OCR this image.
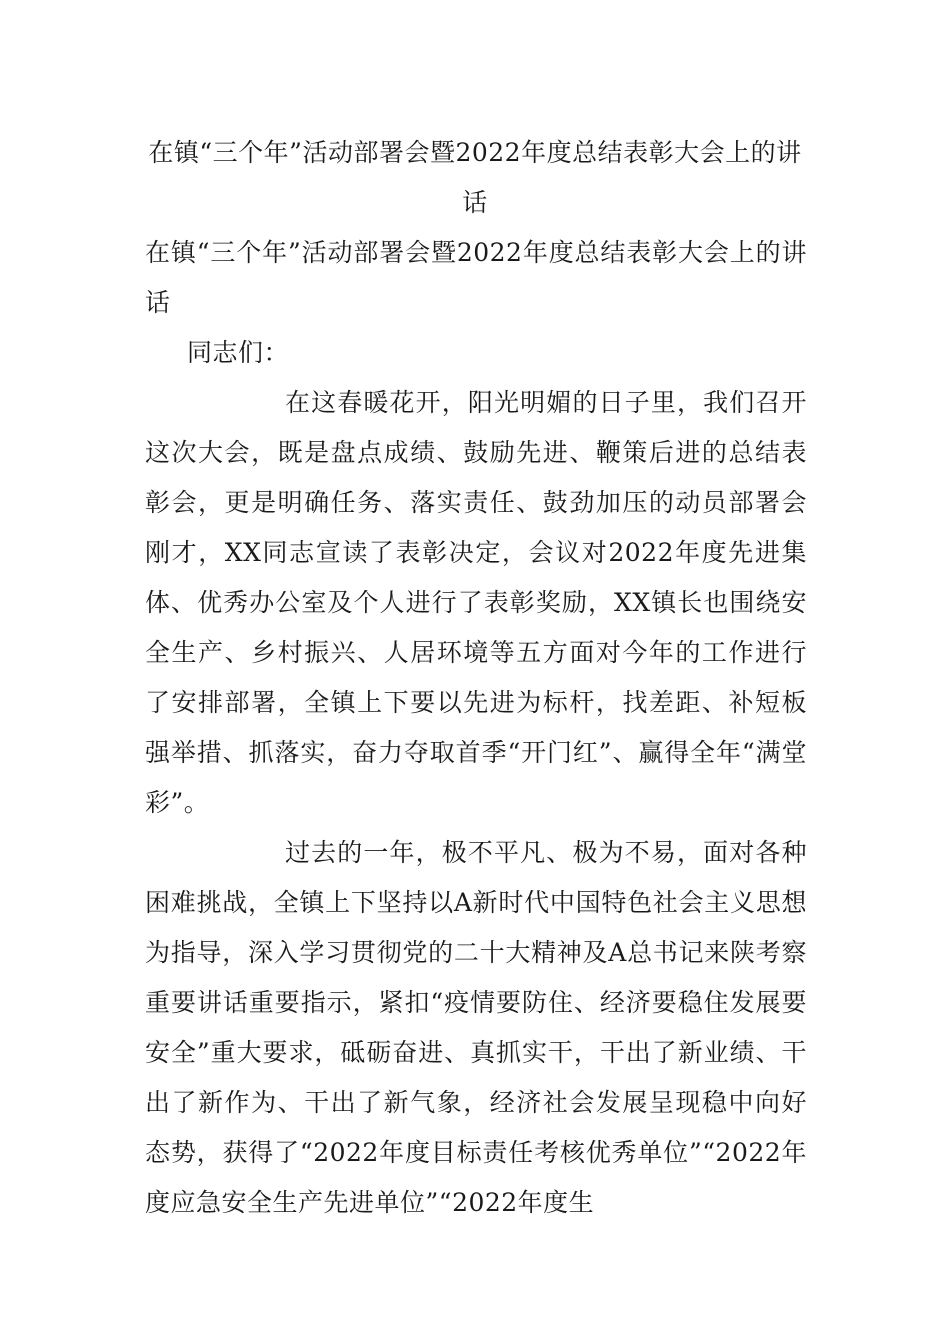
在镇“三个年”活动部署会暨2022年度总结表彰大会上的讲话

在镇“三个年”活动部署会暨2022年度总结表彰大会上的讲话

同志们：

在这春暖花开，阳光明媚的日子里，我们召开这次大会，既是盘点成绩、鼓励先进、鞭策后进的总结表彰会，更是明确任务、落实责任、鼓劲加压的动员部署会刚才，XX同志宣读了表彰决定，会议对2022年度先进集体、优秀办公室及个人进行了表彰奖励，XX镇长也围绕安全生产、乡村振兴、人居环境等五方面对今年的工作进行了安排部署，全镇上下要以先进为标杆，找差距、补短板强举措、抓落实，奋力夺取首季“开门红”、赢得全年“满堂彩”。

过去的一年，极不平凡、极为不易，面对各种困难挑战，全镇上下坚持以A新时代中国特色社会主义思想为指导，深入学习贯彻党的二十大精神及A总书记来陕考察重要讲话重要指示，紧扣“疫情要防住、经济要稳住发展要安全”重大要求，砥砺奋进、真抓实干，干出了新业绩、干出了新作为、干出了新气象，经济社会发展呈现稳中向好态势，获得了“2022年度目标责任考核优秀单位”“2022年度应急安全生产先进单位”“2022年度生
